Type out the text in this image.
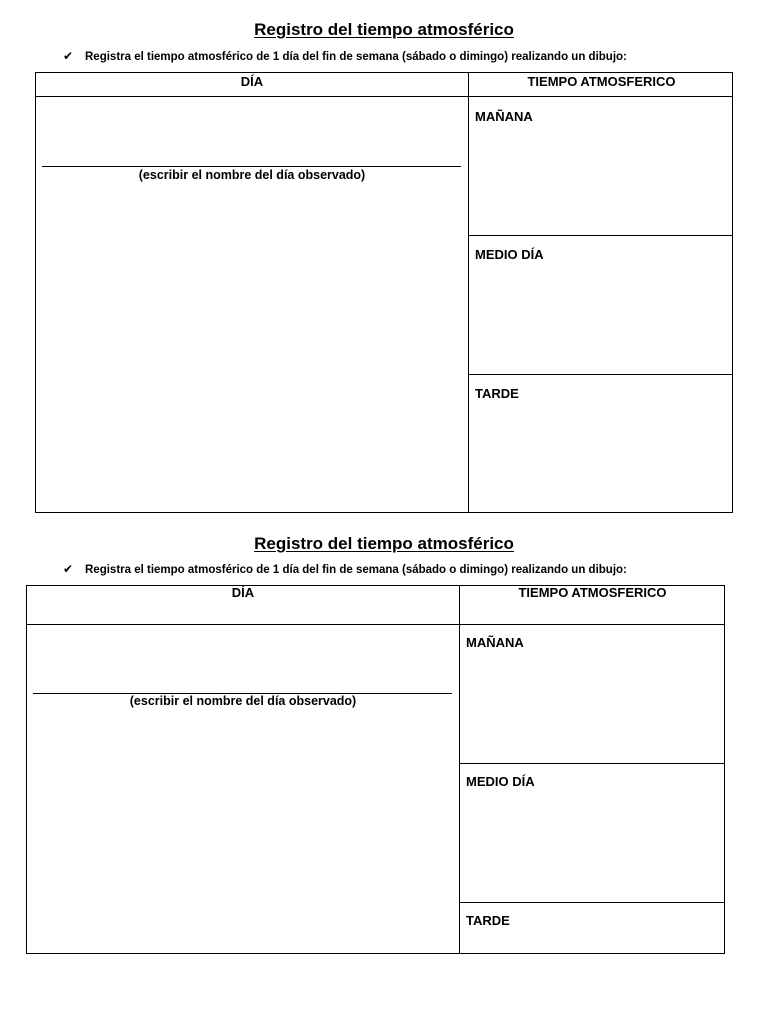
Registro del tiempo atmosférico
✔ Registra el tiempo atmosférico de 1 día del fin de semana (sábado o dimingo) realizando un dibujo:
DÍA	TIEMPO ATMOSFERICO
(escribir el nombre del día observado)
MAÑANA
MEDIO DÍA
TARDE
Registro del tiempo atmosférico
✔ Registra el tiempo atmosférico de 1 día del fin de semana (sábado o dimingo) realizando un dibujo:
DÍA	TIEMPO ATMOSFERICO
(escribir el nombre del día observado)
MAÑANA
MEDIO DÍA
TARDE
